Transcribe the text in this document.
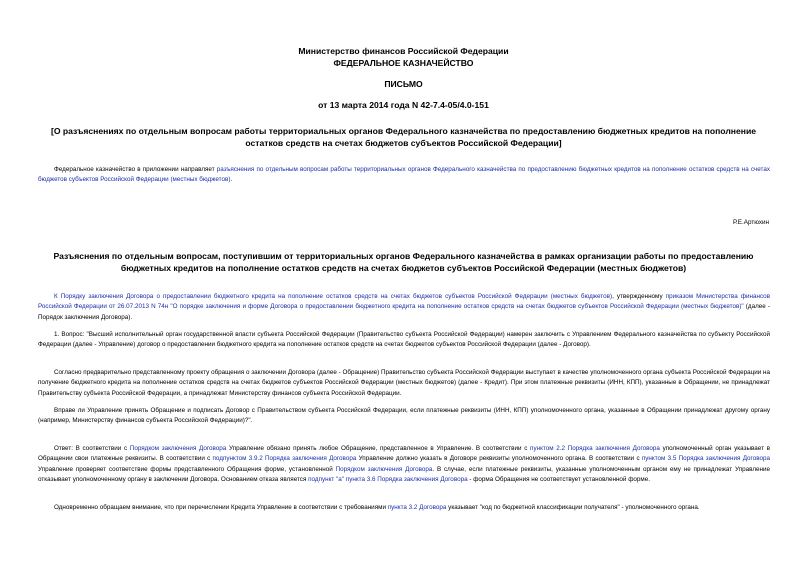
Министерство финансов Российской Федерации
ФЕДЕРАЛЬНОЕ КАЗНАЧЕЙСТВО
ПИСЬМО
от 13 марта 2014 года N 42-7.4-05/4.0-151
[О разъяснениях по отдельным вопросам работы территориальных органов Федерального казначейства по предоставлению бюджетных кредитов на пополнение остатков средств на счетах бюджетов субъектов Российской Федерации]
Федеральное казначейство в приложении направляет разъяснения по отдельным вопросам работы территориальных органов Федерального казначейства по предоставлению бюджетных кредитов на пополнение остатков средств на счетах бюджетов субъектов Российской Федерации (местных бюджетов).
Р.Е.Артюхин
Разъяснения по отдельным вопросам, поступившим от территориальных органов Федерального казначейства в рамках организации работы по предоставлению бюджетных кредитов на пополнение остатков средств на счетах бюджетов субъектов Российской Федерации (местных бюджетов)
К Порядку заключения Договора о предоставлении бюджетного кредита на пополнение остатков средств на счетах бюджетов субъектов Российской Федерации (местных бюджетов), утвержденному приказом Министерства финансов Российской Федерации от 26.07.2013 N 74н "О порядке заключения и форме Договора о предоставлении бюджетного кредита на пополнение остатков средств на счетах бюджетов субъектов Российской Федерации (местных бюджетов)" (далее - Порядок заключения Договора).
1. Вопрос: "Высший исполнительный орган государственной власти субъекта Российской Федерации (Правительство субъекта Российской Федерации) намерен заключить с Управлением Федерального казначейства по субъекту Российской Федерации (далее - Управление) договор о предоставлении бюджетного кредита на пополнение остатков средств на счетах бюджетов субъектов Российской Федерации (далее - Договор).
Согласно предварительно представленному проекту обращения о заключении Договора (далее - Обращение) Правительство субъекта Российской Федерации выступает в качестве уполномоченного органа субъекта Российской Федерации на получение бюджетного кредита на пополнение остатков средств на счетах бюджетов субъектов Российской Федерации (местных бюджетов) (далее - Кредит). При этом платежные реквизиты (ИНН, КПП), указанные в Обращении, не принадлежат Правительству субъекта Российской Федерации, а принадлежат Министерству финансов субъекта Российской Федерации.
Вправе ли Управление принять Обращение и подписать Договор с Правительством субъекта Российской Федерации, если платежные реквизиты (ИНН, КПП) уполномоченного органа, указанные в Обращении принадлежат другому органу (например, Министерству финансов субъекта Российской Федерации)?".
Ответ: В соответствии с Порядком заключения Договора Управление обязано принять любое Обращение, представленное в Управление. В соответствии с пунктом 2.2 Порядка заключения Договора уполномоченный орган указывает в Обращении свои платежные реквизиты. В соответствии с подпунктом 3.9.2 Порядка заключения Договора Управление должно указать в Договоре реквизиты уполномоченного органа. В соответствии с пунктом 3.5 Порядка заключения Договора Управление проверяет соответствие формы представленного Обращения форме, установленной Порядком заключения Договора. В случае, если платежные реквизиты, указанные уполномоченным органом ему не принадлежат Управление отказывает уполномоченному органу в заключении Договора. Основанием отказа является подпункт "а" пункта 3.6 Порядка заключения Договора - форма Обращения не соответствует установленной форме.
Одновременно обращаем внимание, что при перечислении Кредита Управление в соответствии с требованиями пункта 3.2 Договора указывает "код по бюджетной классификации получателя" - уполномоченного органа.
